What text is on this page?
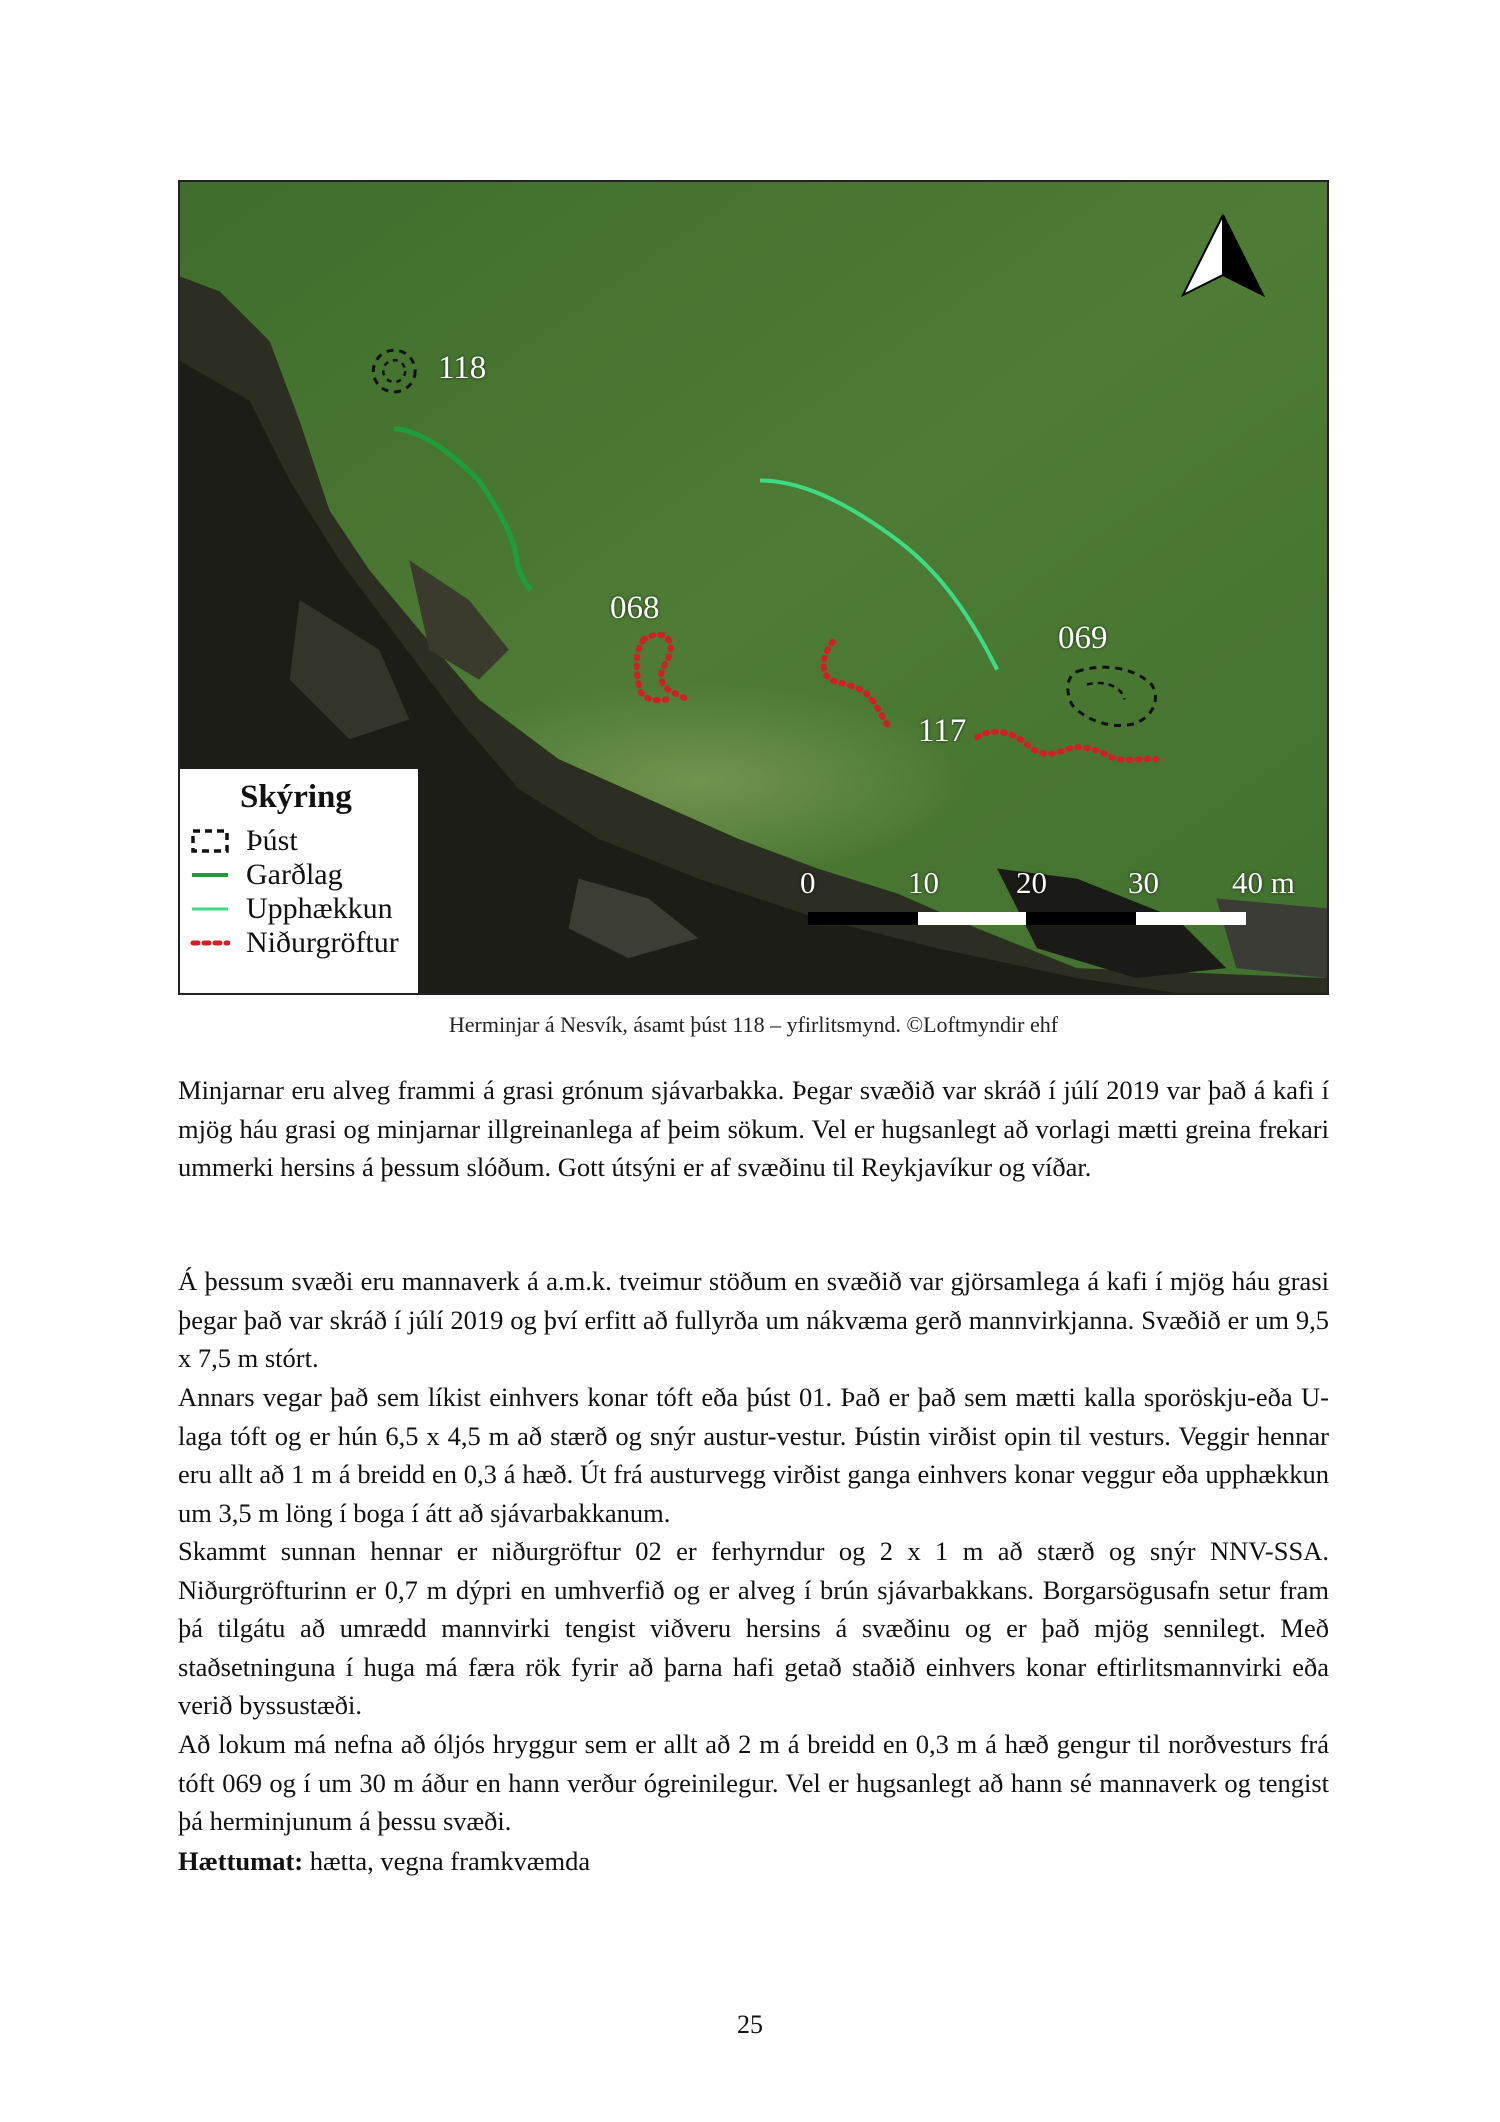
118
068
069
117
0	10 20	30 40 m
Skýring
Þúst
Garðlag
Upphækkun
Niðurgröftur
Herminjar á Nesvík, ásamt þúst 118 – yfirlitsmynd. ©Loftmyndir ehf

Minjarnar eru alveg frammi á grasi grónum sjávarbakka. Þegar svæðið var skráð í júlí 2019 var það á kafi í mjög háu grasi og minjarnar illgreinanlega af þeim sökum. Vel er hugsanlegt að vorlagi mætti greina frekari ummerki hersins á þessum slóðum. Gott útsýni er af svæðinu til Reykjavíkur og víðar.

Á þessum svæði eru mannaverk á a.m.k. tveimur stöðum en svæðið var gjörsamlega á kafi í mjög háu grasi þegar það var skráð í júlí 2019 og því erfitt að fullyrða um nákvæma gerð mannvirkjanna. Svæðið er um 9,5 x 7,5 m stórt.

Annars vegar það sem líkist einhvers konar tóft eða þúst 01. Það er það sem mætti kalla sporöskju-eða U-laga tóft og er hún 6,5 x 4,5 m að stærð og snýr austur-vestur. Þústin virðist opin til vesturs. Veggir hennar eru allt að 1 m á breidd en 0,3 á hæð. Út frá austurvegg virðist ganga einhvers konar veggur eða upphækkun um 3,5 m löng í boga í átt að sjávarbakkanum.

Skammt sunnan hennar er niðurgröftur 02 er ferhyrndur og 2 x 1 m að stærð og snýr NNV-SSA. Niðurgröfturinn er 0,7 m dýpri en umhverfið og er alveg í brún sjávarbakkans. Borgarsögusafn setur fram þá tilgátu að umrædd mannvirki tengist viðveru hersins á svæðinu og er það mjög sennilegt. Með staðsetninguna í huga má færa rök fyrir að þarna hafi getað staðið einhvers konar eftirlitsmannvirki eða verið byssustæði.

Að lokum má nefna að óljós hryggur sem er allt að 2 m á breidd en 0,3 m á hæð gengur til norðvesturs frá tóft 069 og í um 30 m áður en hann verður ógreinilegur. Vel er hugsanlegt að hann sé mannaverk og tengist þá herminjunum á þessu svæði.

Hættumat: hætta, vegna framkvæmda
25
